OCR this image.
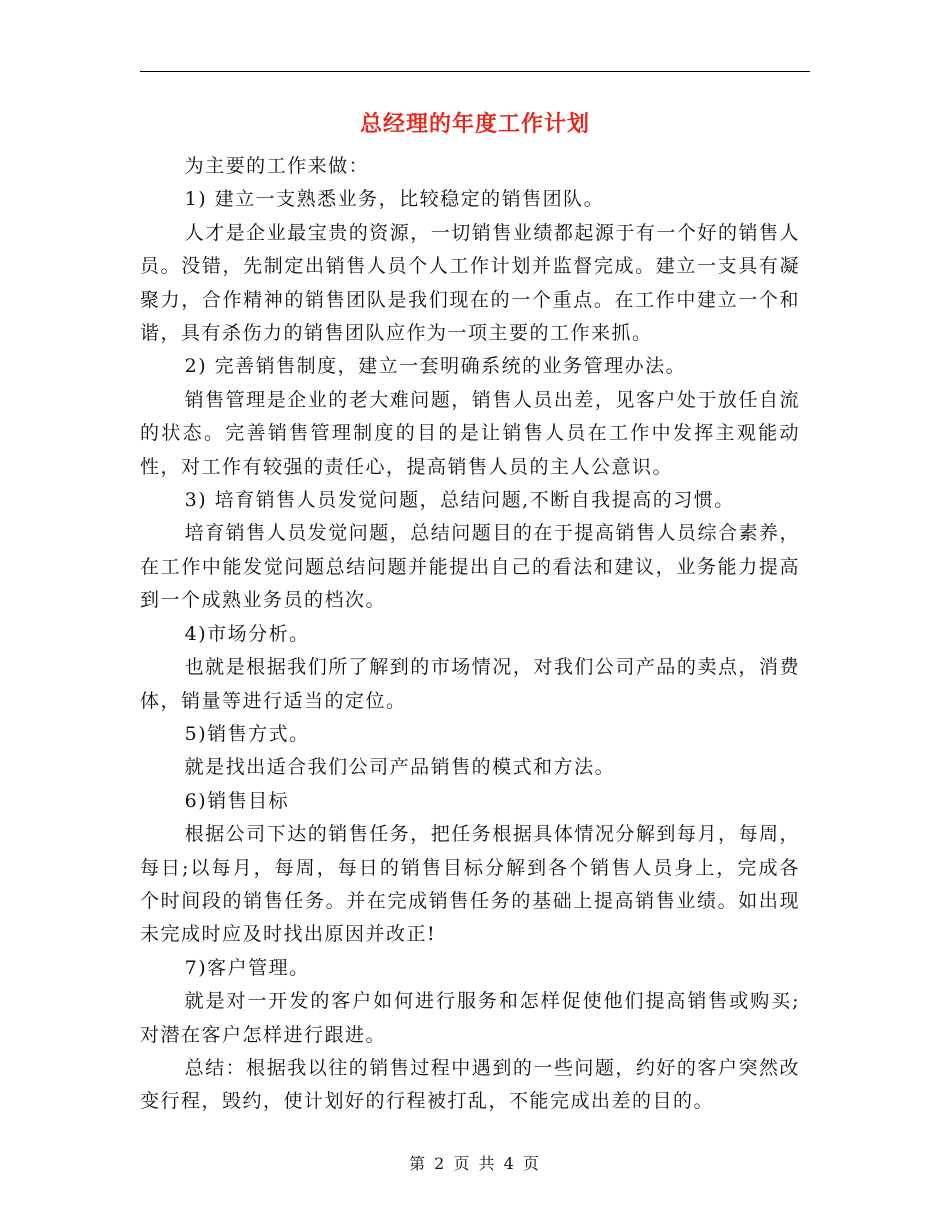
总经理的年度工作计划

为主要的工作来做：

1) 建立一支熟悉业务，比较稳定的销售团队。

人才是企业最宝贵的资源，一切销售业绩都起源于有一个好的销售人员。没错，先制定出销售人员个人工作计划并监督完成。建立一支具有凝聚力，合作精神的销售团队是我们现在的一个重点。在工作中建立一个和谐，具有杀伤力的销售团队应作为一项主要的工作来抓。

2) 完善销售制度，建立一套明确系统的业务管理办法。

销售管理是企业的老大难问题，销售人员出差，见客户处于放任自流的状态。完善销售管理制度的目的是让销售人员在工作中发挥主观能动性，对工作有较强的责任心，提高销售人员的主人公意识。

3) 培育销售人员发觉问题，总结问题,不断自我提高的习惯。

培育销售人员发觉问题，总结问题目的在于提高销售人员综合素养，在工作中能发觉问题总结问题并能提出自己的看法和建议，业务能力提高到一个成熟业务员的档次。

4)市场分析。

也就是根据我们所了解到的市场情况，对我们公司产品的卖点，消费体，销量等进行适当的定位。

5)销售方式。

就是找出适合我们公司产品销售的模式和方法。

6)销售目标

根据公司下达的销售任务，把任务根据具体情况分解到每月，每周，每日;以每月，每周，每日的销售目标分解到各个销售人员身上，完成各个时间段的销售任务。并在完成销售任务的基础上提高销售业绩。如出现未完成时应及时找出原因并改正!

7)客户管理。

就是对一开发的客户如何进行服务和怎样促使他们提高销售或购买;对潜在客户怎样进行跟进。

总结：根据我以往的销售过程中遇到的一些问题，约好的客户突然改变行程，毁约，使计划好的行程被打乱，不能完成出差的目的。

第 2 页 共 4 页
